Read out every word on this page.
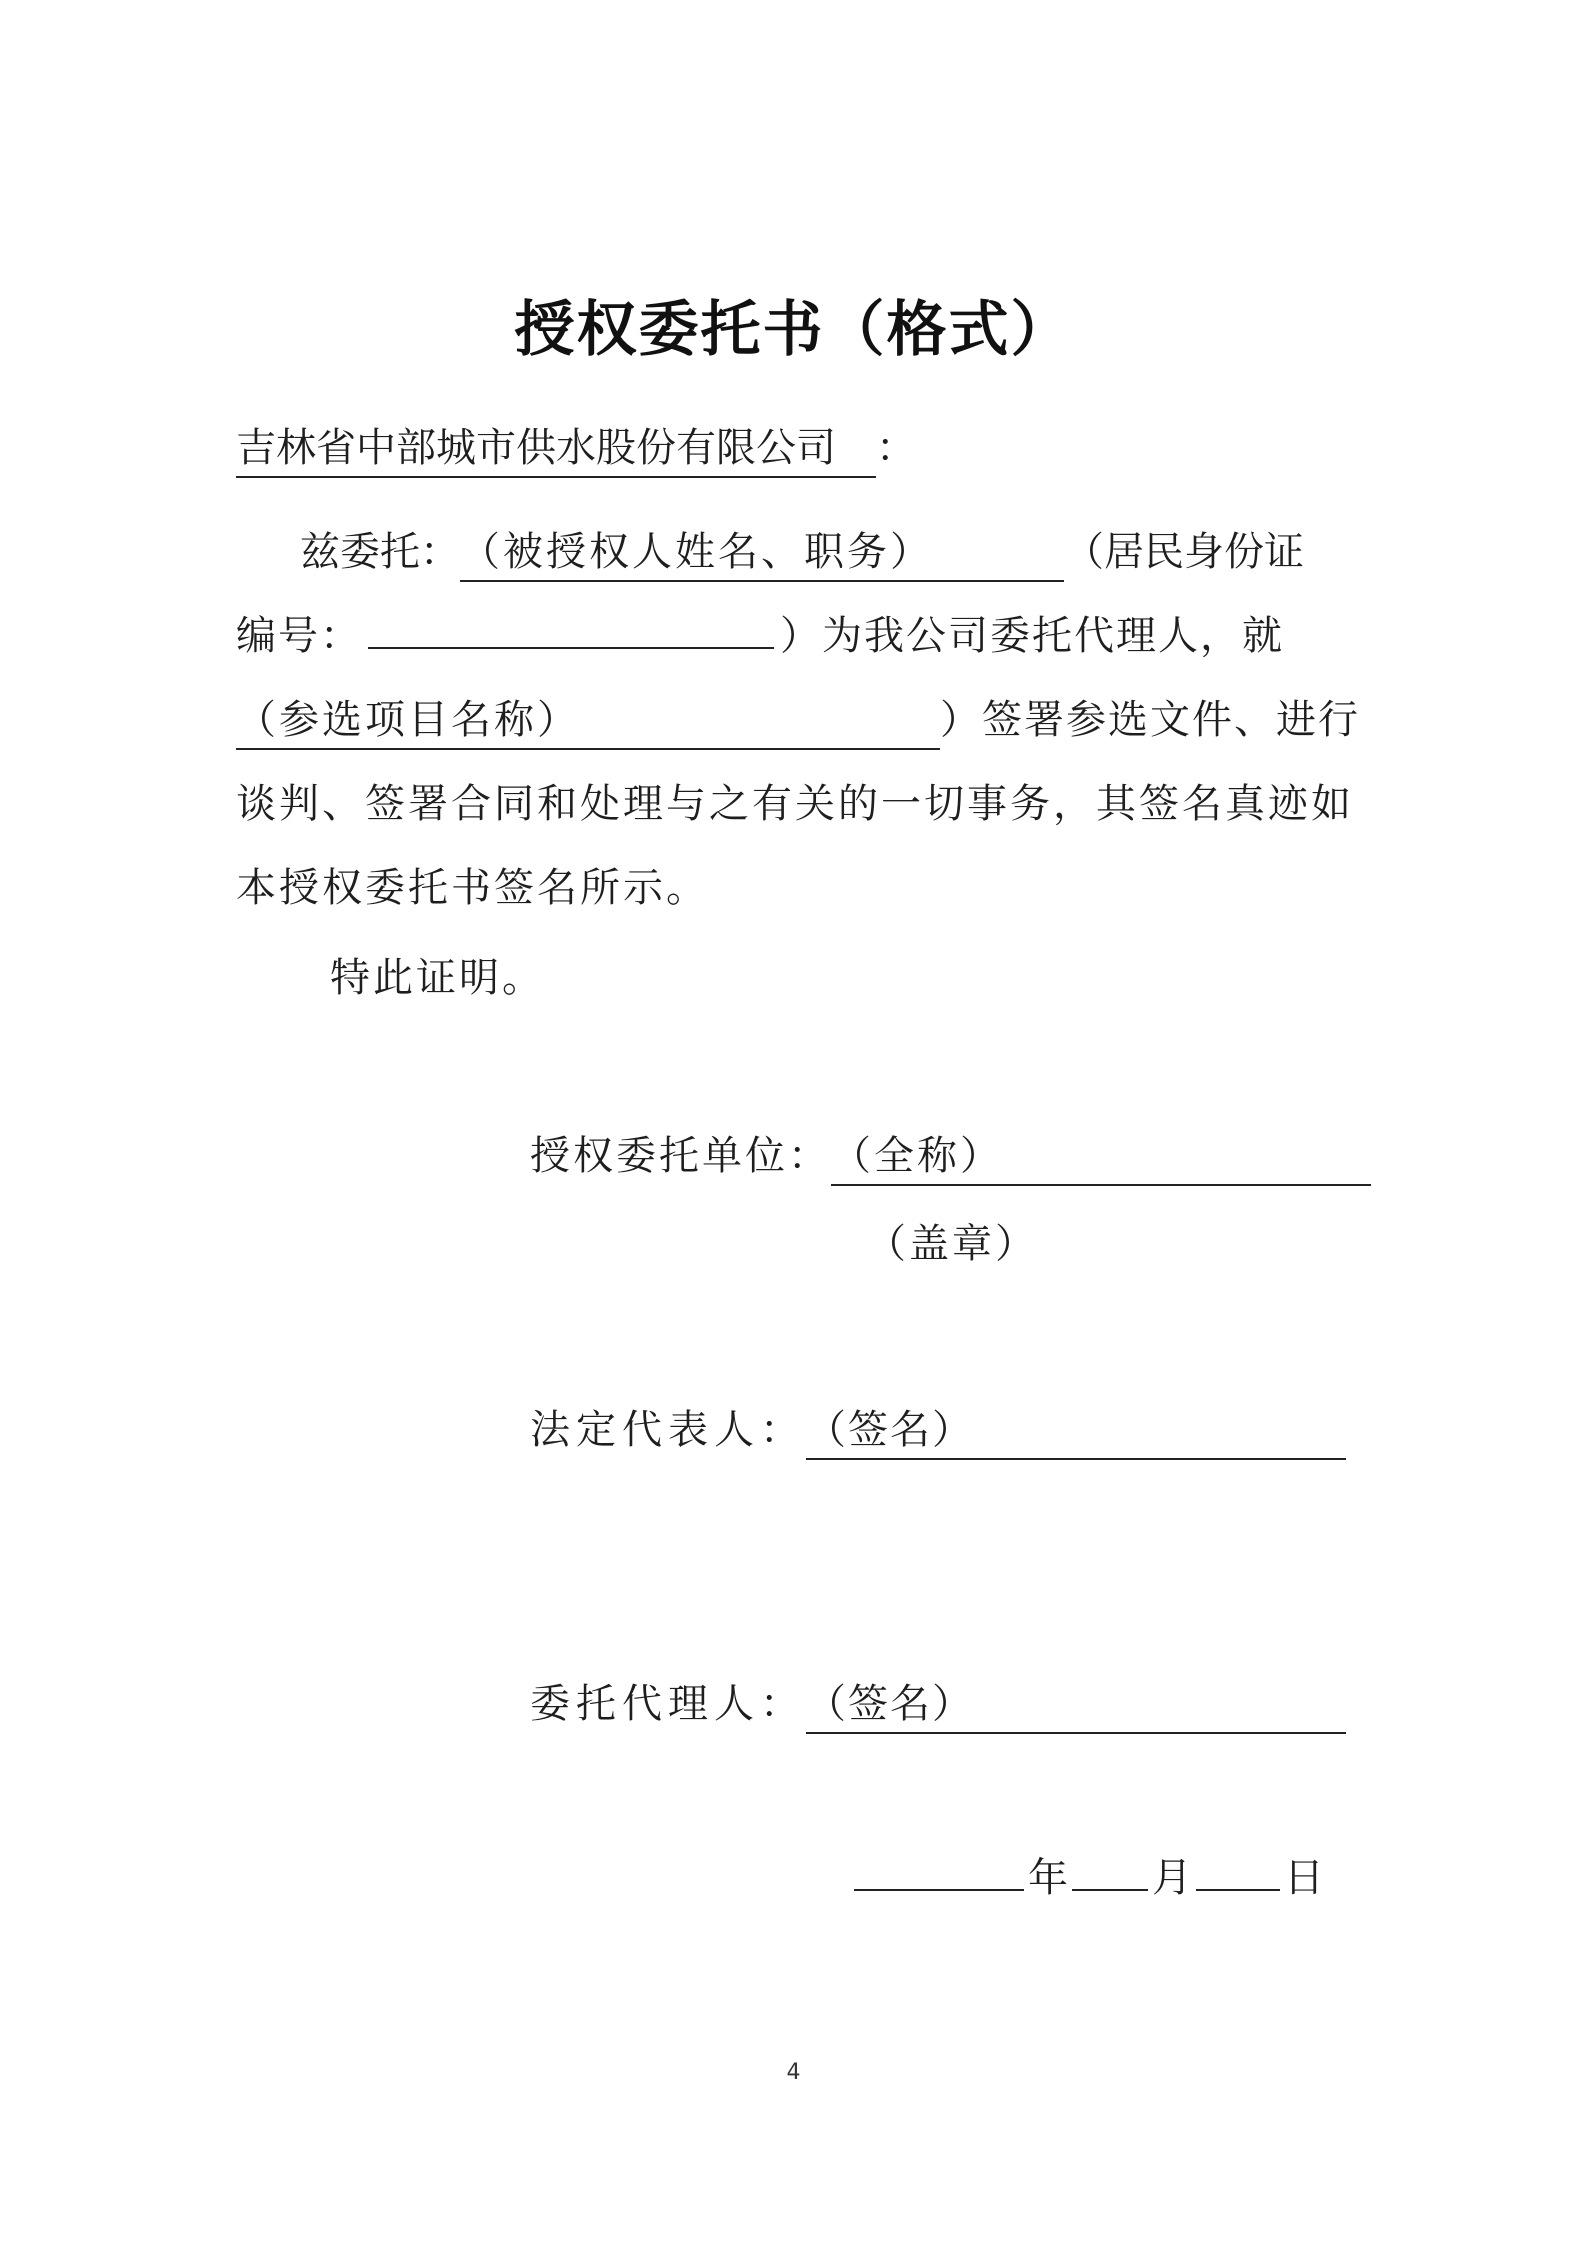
授权委托书（格式）
吉林省中部城市供水股份有限公司 ：
兹委托：（被授权人姓名、职务）	（居民身份证
编号：	）为我公司委托代理人，就
（参选项目名称）	）签署参选文件、进行
谈判、签署合同和处理与之有关的一切事务，其签名真迹如
本授权委托书签名所示。
特此证明。
授权委托单位：（全称）
（盖章）
法定代表人：（签名）
委托代理人：（签名）
年 月 日
4
